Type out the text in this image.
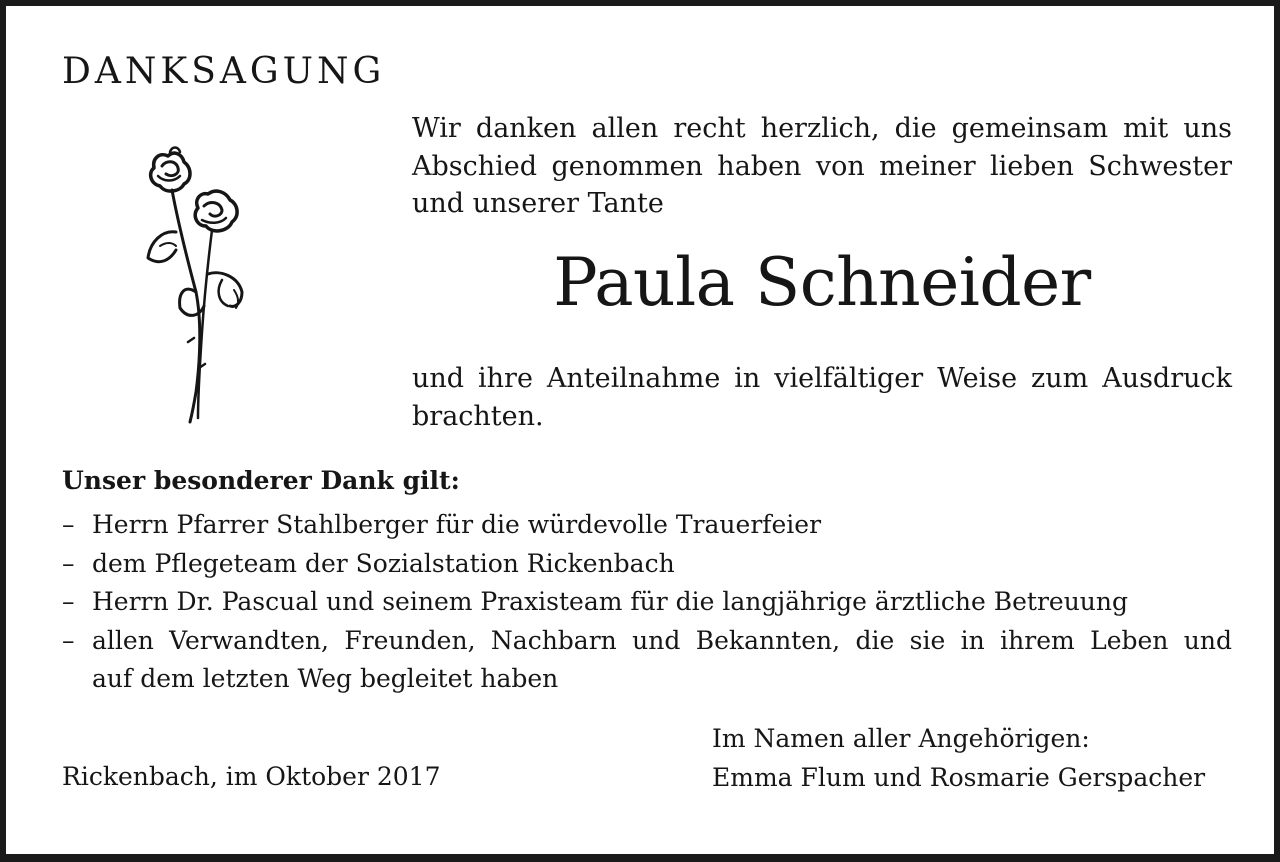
DANKSAGUNG
Wir danken allen recht herzlich, die gemeinsam mit uns
Abschied genommen haben von meiner lieben Schwester
und unserer Tante
Paula Schneider
und ihre Anteilnahme in vielfältiger Weise zum Ausdruck
brachten.
Unser besonderer Dank gilt:
– Herrn Pfarrer Stahlberger für die würdevolle Trauerfeier
– dem Pflegeteam der Sozialstation Rickenbach
– Herrn Dr. Pascual und seinem Praxisteam für die langjährige ärztliche Betreuung
– allen Verwandten, Freunden, Nachbarn und Bekannten, die sie in ihrem Leben und
auf dem letzten Weg begleitet haben
Rickenbach, im Oktober 2017
Im Namen aller Angehörigen:
Emma Flum und Rosmarie Gerspacher
